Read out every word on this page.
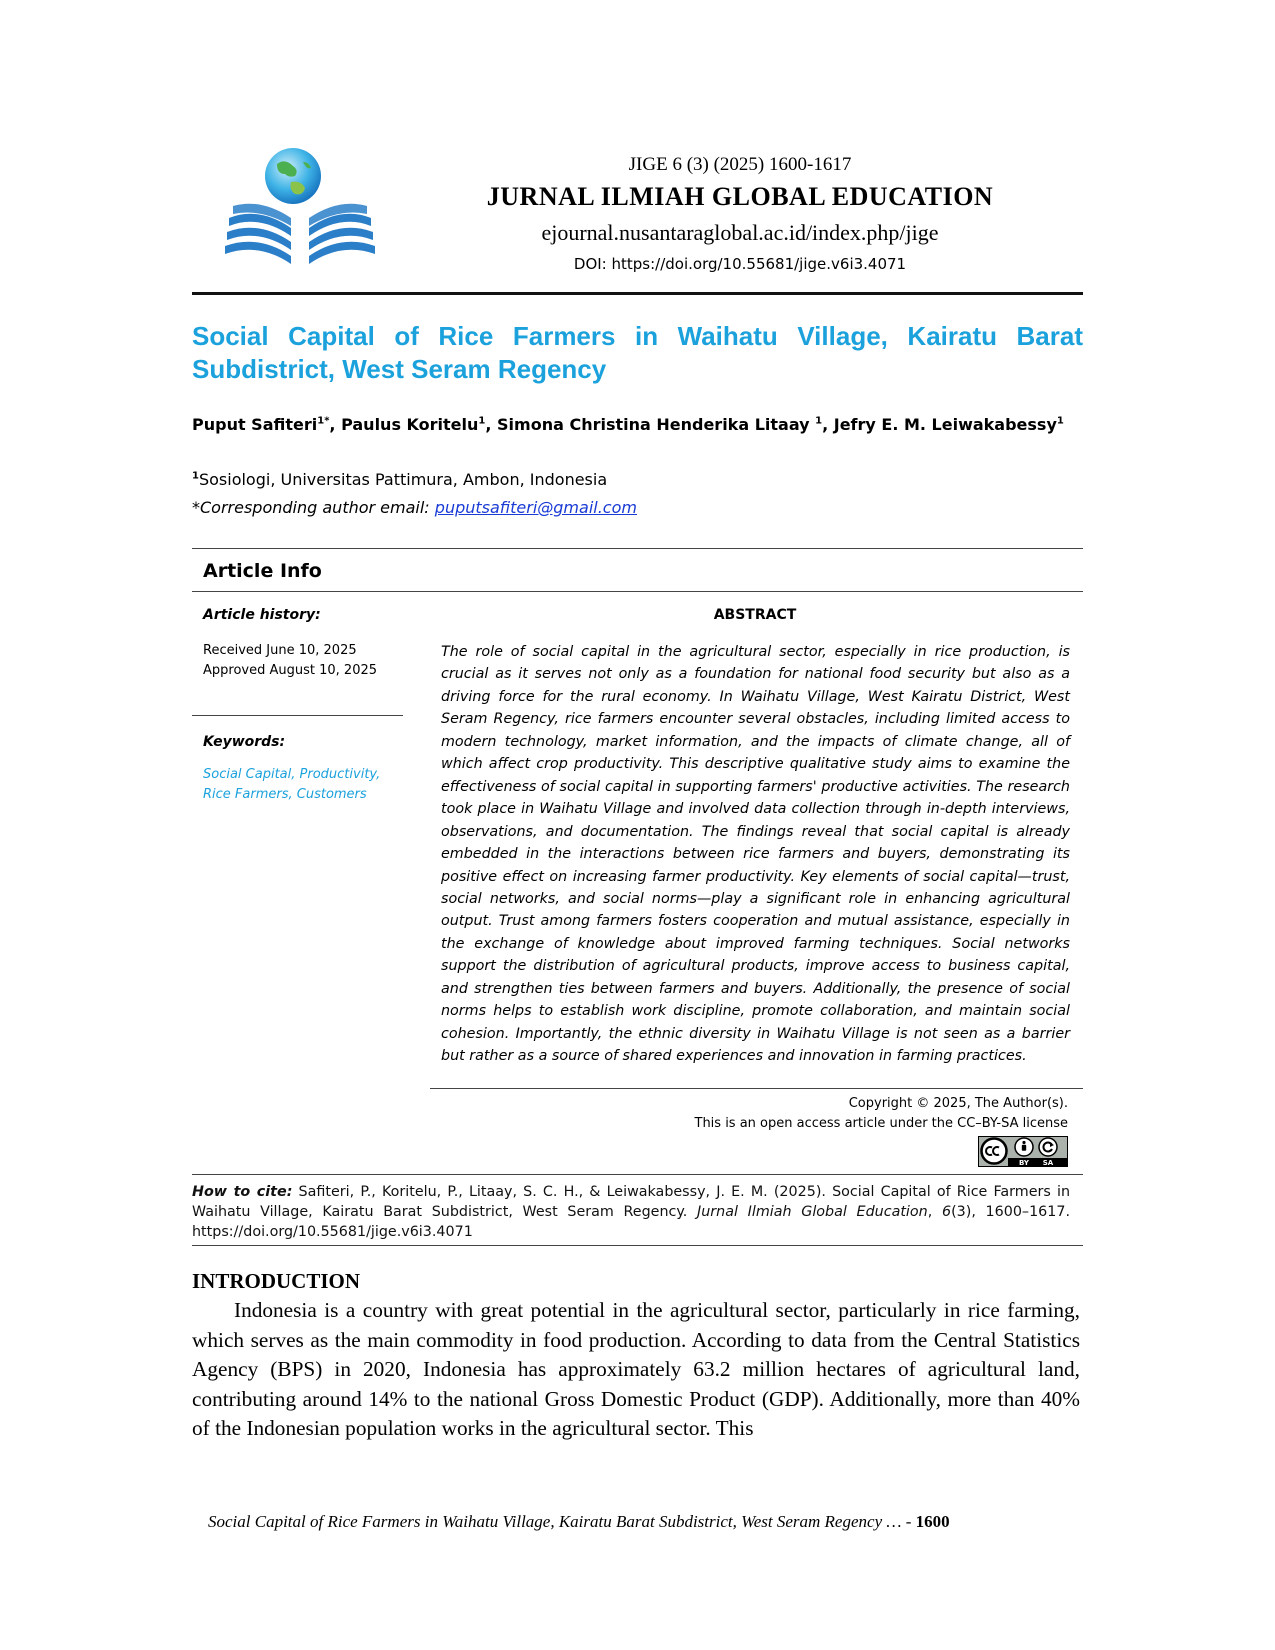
JIGE 6 (3) (2025) 1600-1617
JURNAL ILMIAH GLOBAL EDUCATION
ejournal.nusantaraglobal.ac.id/index.php/jige
DOI: https://doi.org/10.55681/jige.v6i3.4071
Social Capital of Rice Farmers in Waihatu Village, Kairatu Barat Subdistrict, West Seram Regency
Puput Safiteri$^{1*}$, Paulus Koritelu$^1$, Simona Christina Henderika Litaay $^1$, Jefry E. M. Leiwakabessy$^1$
$^1$Sosiologi, Universitas Pattimura, Ambon, Indonesia
*Corresponding author email: puputsafiteri@gmail.com
Article Info
Article history:
Received June 10, 2025
Approved August 10, 2025
Keywords:
Social Capital, Productivity, Rice Farmers, Customers
ABSTRACT
The role of social capital in the agricultural sector, especially in rice production, is crucial as it serves not only as a foundation for national food security but also as a driving force for the rural economy. In Waihatu Village, West Kairatu District, West Seram Regency, rice farmers encounter several obstacles, including limited access to modern technology, market information, and the impacts of climate change, all of which affect crop productivity. This descriptive qualitative study aims to examine the effectiveness of social capital in supporting farmers' productive activities. The research took place in Waihatu Village and involved data collection through in-depth interviews, observations, and documentation. The findings reveal that social capital is already embedded in the interactions between rice farmers and buyers, demonstrating its positive effect on increasing farmer productivity. Key elements of social capital—trust, social networks, and social norms—play a significant role in enhancing agricultural output. Trust among farmers fosters cooperation and mutual assistance, especially in the exchange of knowledge about improved farming techniques. Social networks support the distribution of agricultural products, improve access to business capital, and strengthen ties between farmers and buyers. Additionally, the presence of social norms helps to establish work discipline, promote collaboration, and maintain social cohesion. Importantly, the ethnic diversity in Waihatu Village is not seen as a barrier but rather as a source of shared experiences and innovation in farming practices.
Copyright © 2025, The Author(s).
This is an open access article under the CC–BY-SA license
BY SA
How to cite: Safiteri, P., Koritelu, P., Litaay, S. C. H., & Leiwakabessy, J. E. M. (2025). Social Capital of Rice Farmers in Waihatu Village, Kairatu Barat Subdistrict, West Seram Regency. Jurnal Ilmiah Global Education, 6(3), 1600–1617. https://doi.org/10.55681/jige.v6i3.4071
INTRODUCTION
Indonesia is a country with great potential in the agricultural sector, particularly in rice farming, which serves as the main commodity in food production. According to data from the Central Statistics Agency (BPS) in 2020, Indonesia has approximately 63.2 million hectares of agricultural land, contributing around 14% to the national Gross Domestic Product (GDP). Additionally, more than 40% of the Indonesian population works in the agricultural sector. This
Social Capital of Rice Farmers in Waihatu Village, Kairatu Barat Subdistrict, West Seram Regency … - 1600
